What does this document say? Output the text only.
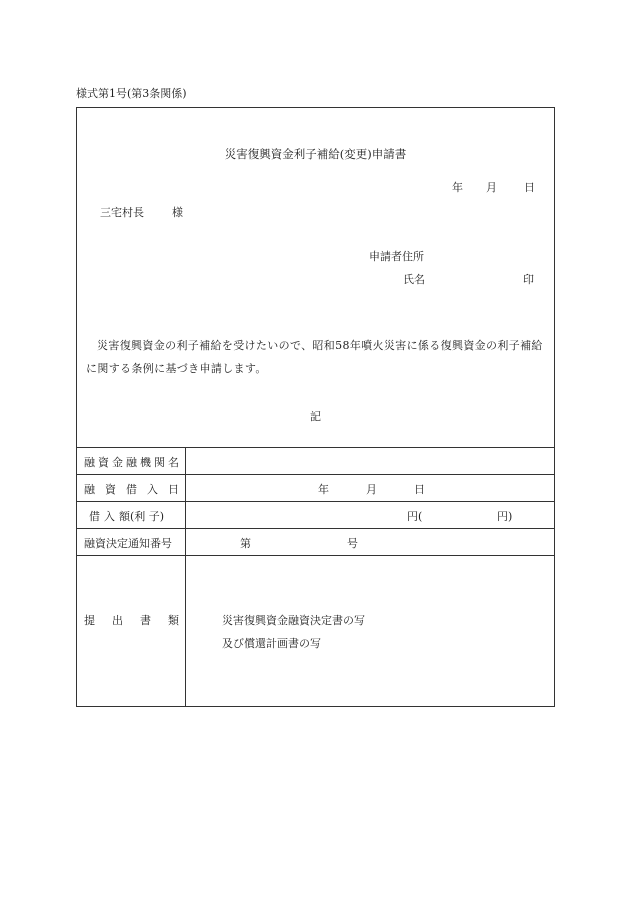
様式第1号(第3条関係)
災害復興資金利子補給(変更)申請書
年 月 日
三宅村長	様
申請者住所
氏名	印
災害復興資金の利子補給を受けたいので、昭和58年噴火災害に係る復興資金の利子補給に関する条例に基づき申請します。
記
融 資 金 融 機 関 名
融 資 借 入 日	年	月	日
借 入 額(利 子)	円(	円)
融資決定通知番号	第	号
提 出 書 類	災害復興資金融資決定書の写
及び償還計画書の写
